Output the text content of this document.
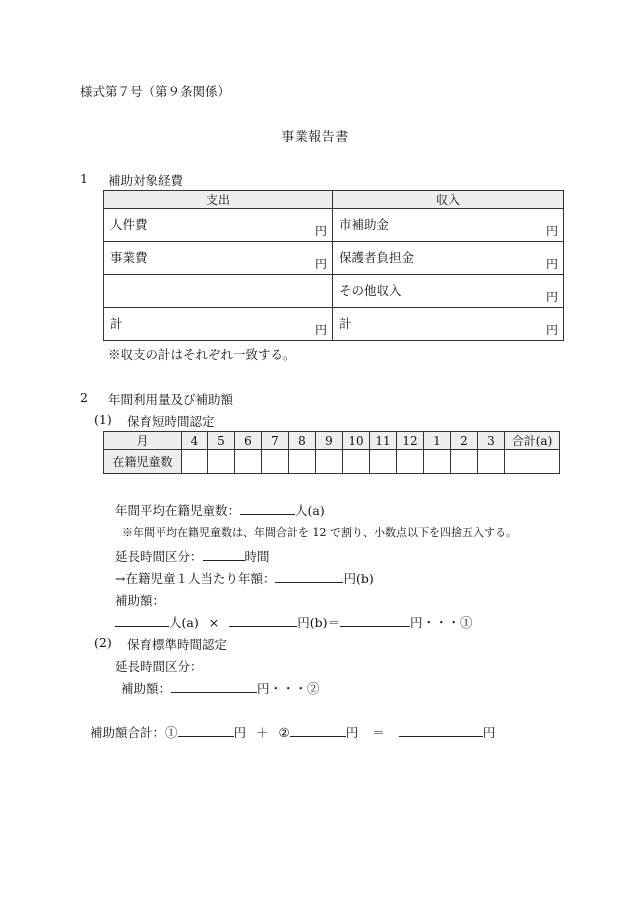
様式第７号（第９条関係）
事業報告書
1 補助対象経費
支出	収入

人件費 円	市補助金 円

事業費 円	保護者負担金 円

	その他収入 円

計 円	計 円
※収支の計はそれぞれ一致する。
2 年間利用量及び補助額
(1) 保育短時間認定
月	4	5	6	7	8	9	10	11	12	1	2	3	合計(a)
在籍児童数													
年間平均在籍児童数：	人(a)
※年間平均在籍児童数は、年間合計を 12 で割り、小数点以下を四捨五入する。
延長時間区分：	時間
→在籍児童１人当たり年額：	円(b)
補助額：
人(a) ×	円(b)＝	円・・・①
(2) 保育標準時間認定
延長時間区分：
補助額：	円・・・②
補助額合計：①	円 ＋ ②	円 ＝	円
